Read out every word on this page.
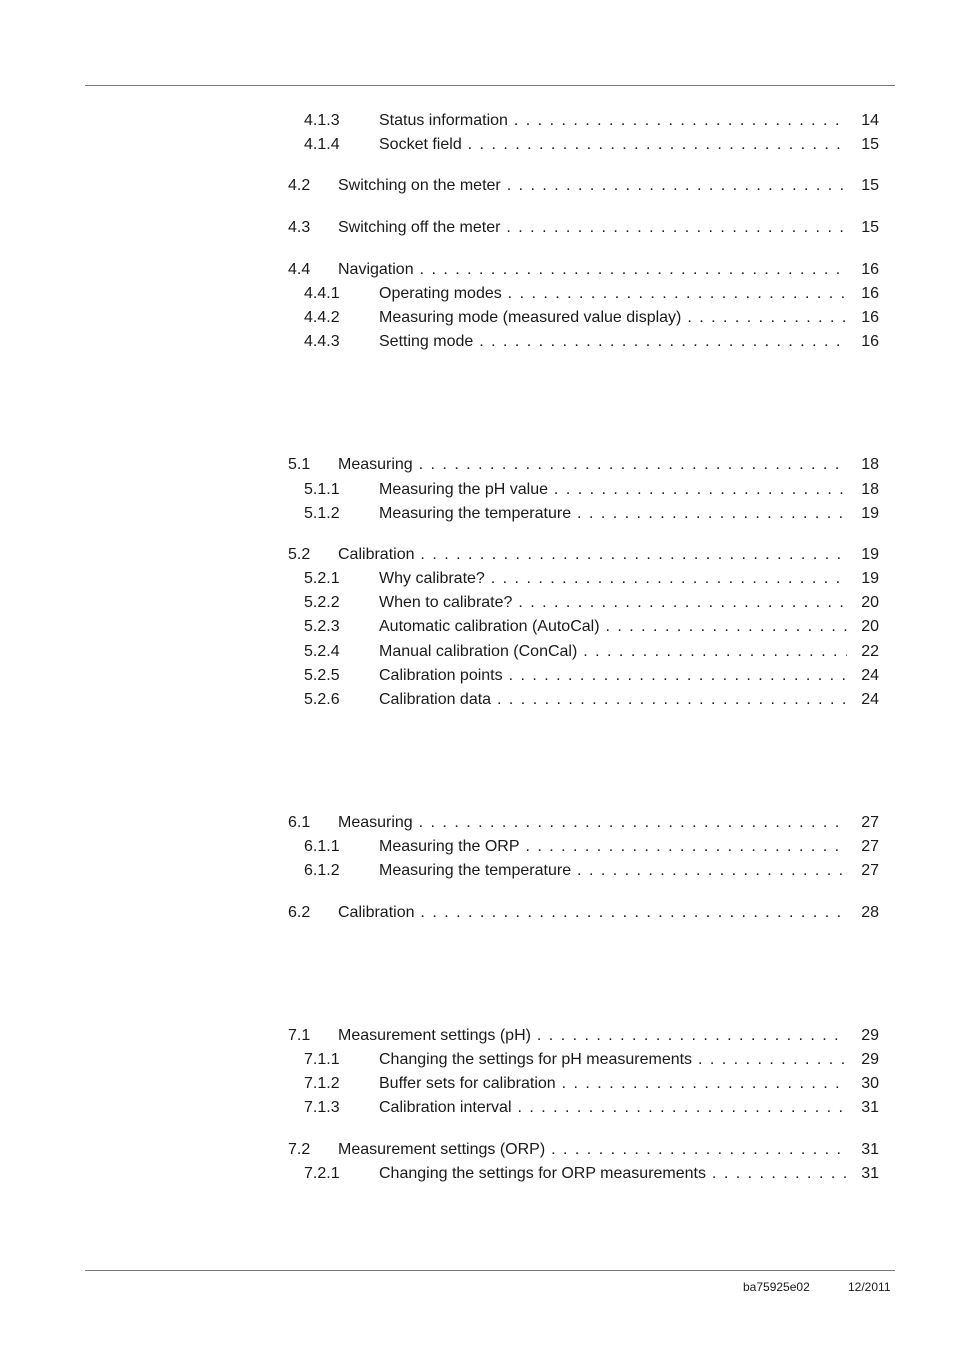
4.1.3 Status information . . .	14
4.1.4 Socket field . . .	15
4.2 Switching on the meter . . .	15
4.3 Switching off the meter . . .	15
4.4 Navigation . . .	16
4.4.1 Operating modes . . .	16
4.4.2 Measuring mode (measured value display) . . .	16
4.4.3 Setting mode . . .	16
5.1 Measuring . . .	18
5.1.1 Measuring the pH value . . .	18
5.1.2 Measuring the temperature . . .	19
5.2 Calibration . . .	19
5.2.1 Why calibrate? . . .	19
5.2.2 When to calibrate? . . .	20
5.2.3 Automatic calibration (AutoCal) . . .	20
5.2.4 Manual calibration (ConCal) . . .	22
5.2.5 Calibration points . . .	24
5.2.6 Calibration data . . .	24
6.1 Measuring . . .	27
6.1.1 Measuring the ORP . . .	27
6.1.2 Measuring the temperature . . .	27
6.2 Calibration . . .	28
7.1 Measurement settings (pH) . . .	29
7.1.1 Changing the settings for pH measurements . . .	29
7.1.2 Buffer sets for calibration . . .	30
7.1.3 Calibration interval . . .	31
7.2 Measurement settings (ORP) . . .	31
7.2.1 Changing the settings for ORP measurements . . .	31
ba75925e02	12/2011
